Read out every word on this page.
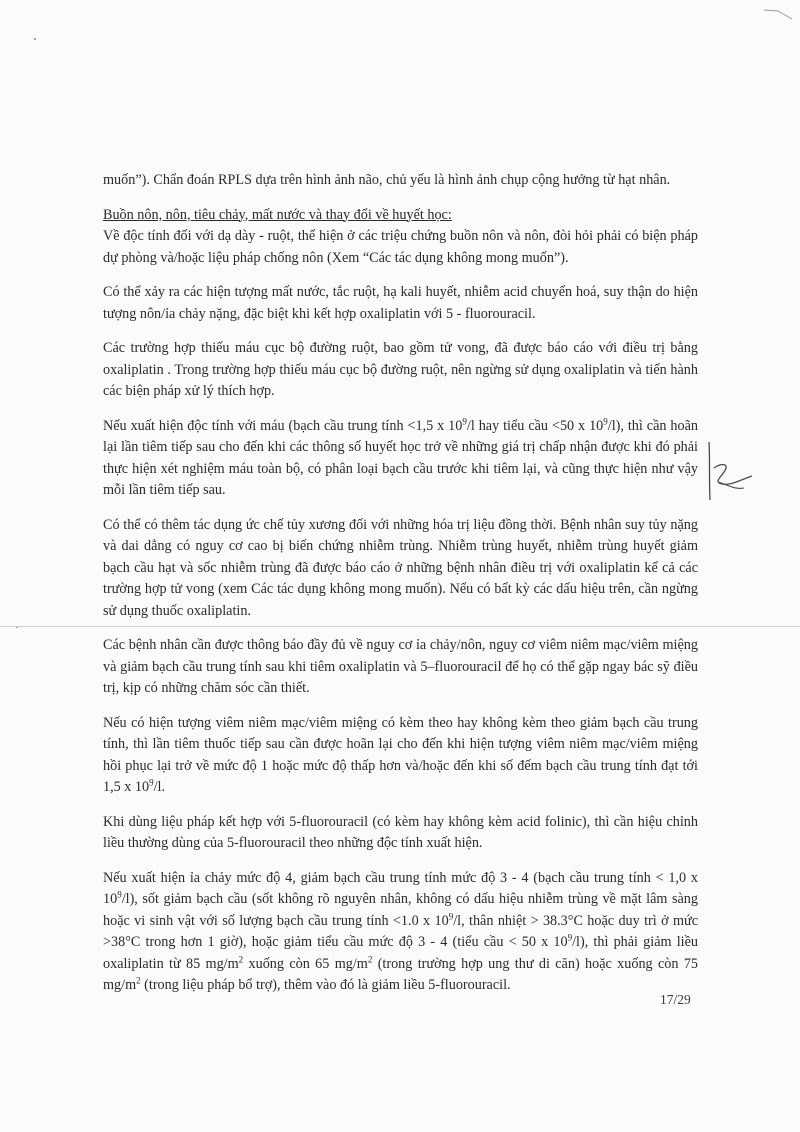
muốn”). Chẩn đoán RPLS dựa trên hình ảnh não, chủ yếu là hình ảnh chụp cộng hưởng từ hạt nhân.

Buồn nôn, nôn, tiêu chảy, mất nước và thay đổi về huyết học:

Về độc tính đối với dạ dày - ruột, thể hiện ở các triệu chứng buồn nôn và nôn, đòi hỏi phải có biện pháp dự phòng và/hoặc liệu pháp chống nôn (Xem “Các tác dụng không mong muốn”).

Có thể xảy ra các hiện tượng mất nước, tắc ruột, hạ kali huyết, nhiễm acid chuyển hoá, suy thận do hiện tượng nôn/ỉa chảy nặng, đặc biệt khi kết hợp oxaliplatin với 5 - fluorouracil.

Các trường hợp thiếu máu cục bộ đường ruột, bao gồm tử vong, đã được báo cáo với điều trị bằng oxaliplatin . Trong trường hợp thiếu máu cục bộ đường ruột, nên ngừng sử dụng oxaliplatin và tiến hành các biện pháp xử lý thích hợp.

Nếu xuất hiện độc tính với máu (bạch cầu trung tính <1,5 x $10^9/l$ hay tiểu cầu <50 x $10^9/l$), thì cần hoãn lại lần tiêm tiếp sau cho đến khi các thông số huyết học trở về những giá trị chấp nhận được khi đó phải thực hiện xét nghiệm máu toàn bộ, có phân loại bạch cầu trước khi tiêm lại, và cũng thực hiện như vậy mỗi lần tiêm tiếp sau.

Có thể có thêm tác dụng ức chế tủy xương đối với những hóa trị liệu đồng thời. Bệnh nhân suy tủy nặng và dai dẳng có nguy cơ cao bị biến chứng nhiễm trùng. Nhiễm trùng huyết, nhiễm trùng huyết giảm bạch cầu hạt và sốc nhiễm trùng đã được báo cáo ở những bệnh nhân điều trị với oxaliplatin kể cả các trường hợp tử vong (xem Các tác dụng không mong muốn). Nếu có bất kỳ các dấu hiệu trên, cần ngừng sử dụng thuốc oxaliplatin.

Các bệnh nhân cần được thông báo đầy đủ về nguy cơ ỉa chảy/nôn, nguy cơ viêm niêm mạc/viêm miệng và giảm bạch cầu trung tính sau khi tiêm oxaliplatin và 5–fluorouracil để họ có thể gặp ngay bác sỹ điều trị, kịp có những chăm sóc cần thiết.

Nếu có hiện tượng viêm niêm mạc/viêm miệng có kèm theo hay không kèm theo giảm bạch cầu trung tính, thì lần tiêm thuốc tiếp sau cần được hoãn lại cho đến khi hiện tượng viêm niêm mạc/viêm miệng hồi phục lại trở về mức độ 1 hoặc mức độ thấp hơn và/hoặc đến khi số đếm bạch cầu trung tính đạt tới 1,5 x $10^9/l$.

Khi dùng liệu pháp kết hợp với 5-fluorouracil (có kèm hay không kèm acid folinic), thì cần hiệu chỉnh liều thường dùng của 5-fluorouracil theo những độc tính xuất hiện.

Nếu xuất hiện ỉa chảy mức độ 4, giảm bạch cầu trung tính mức độ 3 - 4 (bạch cầu trung tính < 1,0 x $10^9/l$), sốt giảm bạch cầu (sốt không rõ nguyên nhân, không có dấu hiệu nhiễm trùng về mặt lâm sàng hoặc vi sinh vật với số lượng bạch cầu trung tính <1.0 x $10^9/l$, thân nhiệt > 38.3°C hoặc duy trì ở mức >38°C trong hơn 1 giờ), hoặc giảm tiểu cầu mức độ 3 - 4 (tiểu cầu < 50 x $10^9/l$), thì phải giảm liều oxaliplatin từ 85 $mg/m^2$ xuống còn 65 $mg/m^2$ (trong trường hợp ung thư di căn) hoặc xuống còn 75 $mg/m^2$ (trong liệu pháp bổ trợ), thêm vào đó là giảm liều 5-fluorouracil.

17/29
